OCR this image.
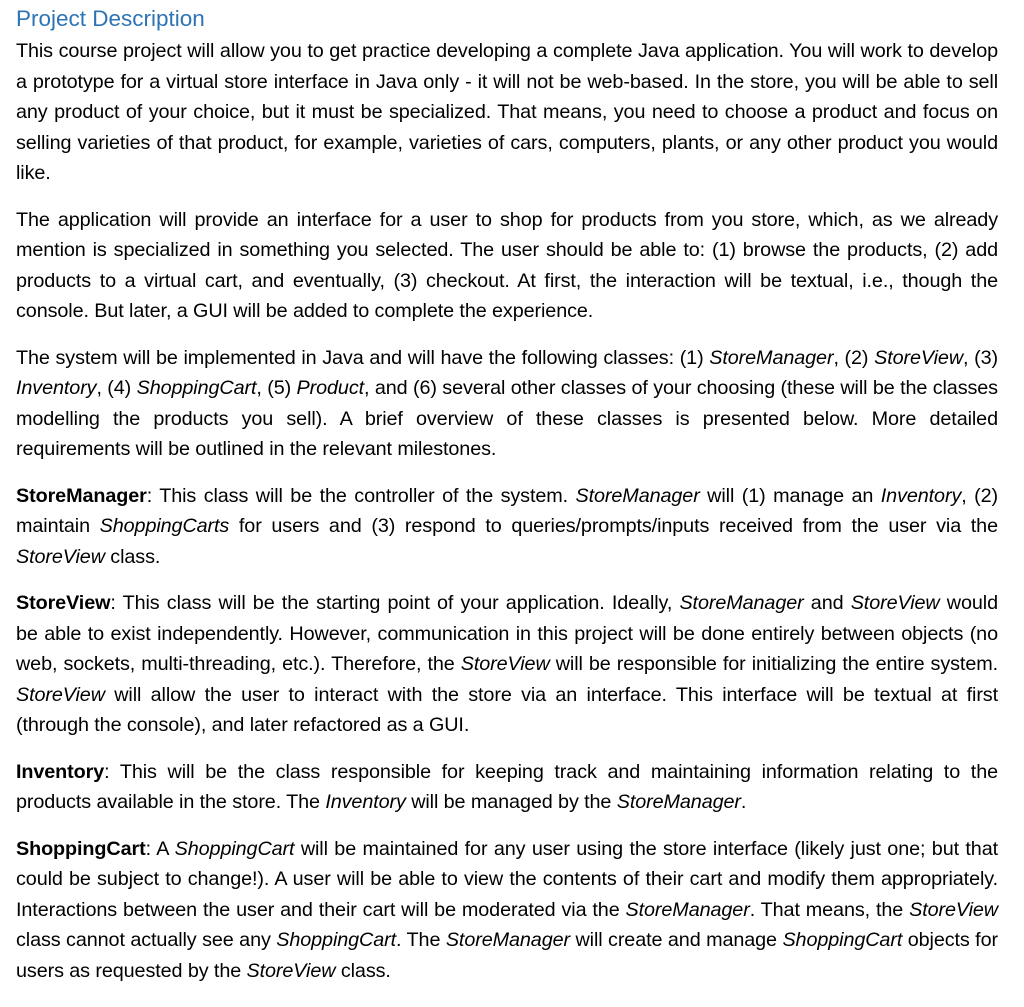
Project Description

This course project will allow you to get practice developing a complete Java application. You will work to develop a prototype for a virtual store interface in Java only - it will not be web-based. In the store, you will be able to sell any product of your choice, but it must be specialized. That means, you need to choose a product and focus on selling varieties of that product, for example, varieties of cars, computers, plants, or any other product you would like.

The application will provide an interface for a user to shop for products from you store, which, as we already mention is specialized in something you selected. The user should be able to: (1) browse the products, (2) add products to a virtual cart, and eventually, (3) checkout. At first, the interaction will be textual, i.e., though the console. But later, a GUI will be added to complete the experience.

The system will be implemented in Java and will have the following classes: (1) StoreManager, (2) StoreView, (3) Inventory, (4) ShoppingCart, (5) Product, and (6) several other classes of your choosing (these will be the classes modelling the products you sell). A brief overview of these classes is presented below. More detailed requirements will be outlined in the relevant milestones.

StoreManager: This class will be the controller of the system. StoreManager will (1) manage an Inventory, (2) maintain ShoppingCarts for users and (3) respond to queries/prompts/inputs received from the user via the StoreView class.

StoreView: This class will be the starting point of your application. Ideally, StoreManager and StoreView would be able to exist independently. However, communication in this project will be done entirely between objects (no web, sockets, multi-threading, etc.). Therefore, the StoreView will be responsible for initializing the entire system. StoreView will allow the user to interact with the store via an interface. This interface will be textual at first (through the console), and later refactored as a GUI.

Inventory: This will be the class responsible for keeping track and maintaining information relating to the products available in the store. The Inventory will be managed by the StoreManager.

ShoppingCart: A ShoppingCart will be maintained for any user using the store interface (likely just one; but that could be subject to change!). A user will be able to view the contents of their cart and modify them appropriately. Interactions between the user and their cart will be moderated via the StoreManager. That means, the StoreView class cannot actually see any ShoppingCart. The StoreManager will create and manage ShoppingCart objects for users as requested by the StoreView class.
